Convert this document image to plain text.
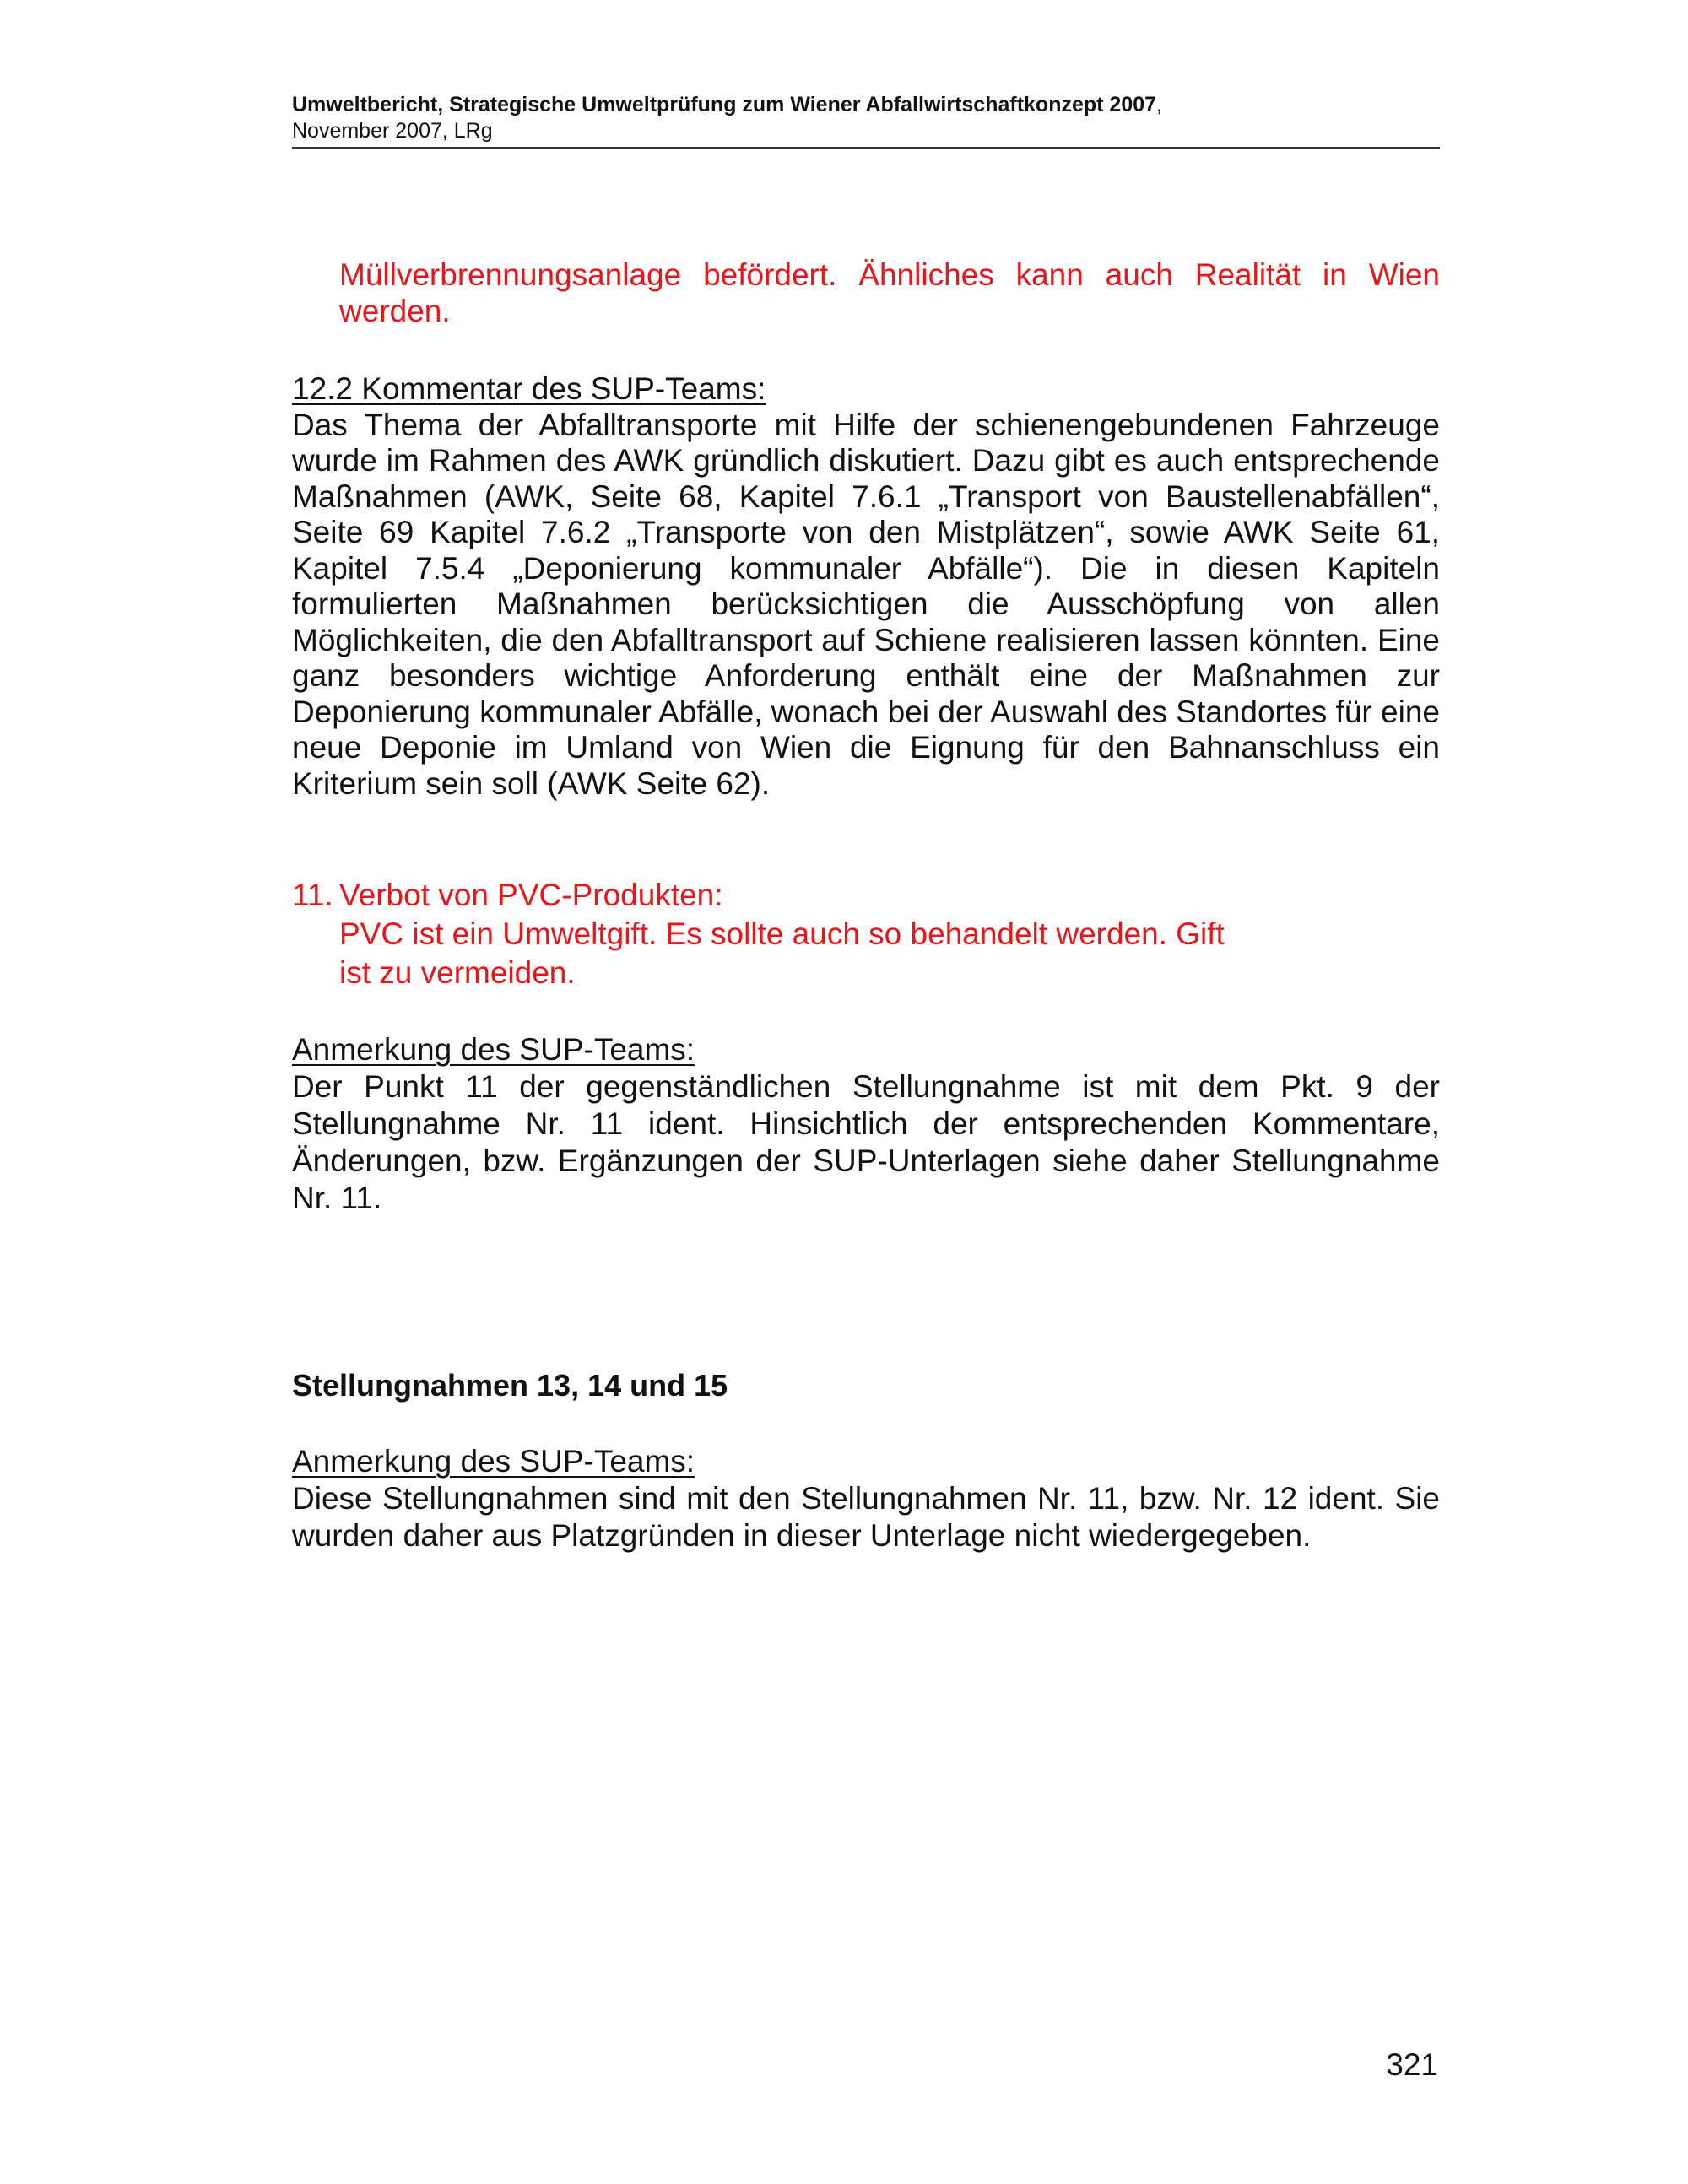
Umweltbericht, Strategische Umweltprüfung zum Wiener Abfallwirtschaftkonzept 2007,
November 2007, LRg
Müllverbrennungsanlage befördert. Ähnliches kann auch Realität in Wien werden.
12.2 Kommentar des SUP-Teams:
Das Thema der Abfalltransporte mit Hilfe der schienengebundenen Fahrzeuge wurde im Rahmen des AWK gründlich diskutiert. Dazu gibt es auch entsprechende Maßnahmen (AWK, Seite 68, Kapitel 7.6.1 „Transport von Baustellenabfällen“, Seite 69 Kapitel 7.6.2 „Transporte von den Mistplätzen“, sowie AWK Seite 61, Kapitel 7.5.4 „Deponierung kommunaler Abfälle“). Die in diesen Kapiteln formulierten Maßnahmen berücksichtigen die Ausschöpfung von allen Möglichkeiten, die den Abfalltransport auf Schiene realisieren lassen könnten. Eine ganz besonders wichtige Anforderung enthält eine der Maßnahmen zur Deponierung kommunaler Abfälle, wonach bei der Auswahl des Standortes für eine neue Deponie im Umland von Wien die Eignung für den Bahnanschluss ein Kriterium sein soll (AWK Seite 62).
11. Verbot von PVC-Produkten:
PVC ist ein Umweltgift. Es sollte auch so behandelt werden. Gift ist zu vermeiden.
Anmerkung des SUP-Teams:
Der Punkt 11 der gegenständlichen Stellungnahme ist mit dem Pkt. 9 der Stellungnahme Nr. 11 ident. Hinsichtlich der entsprechenden Kommentare, Änderungen, bzw. Ergänzungen der SUP-Unterlagen siehe daher Stellungnahme Nr. 11.
Stellungnahmen 13, 14 und 15
Anmerkung des SUP-Teams:
Diese Stellungnahmen sind mit den Stellungnahmen Nr. 11, bzw. Nr. 12 ident. Sie wurden daher aus Platzgründen in dieser Unterlage nicht wiedergegeben.
321
